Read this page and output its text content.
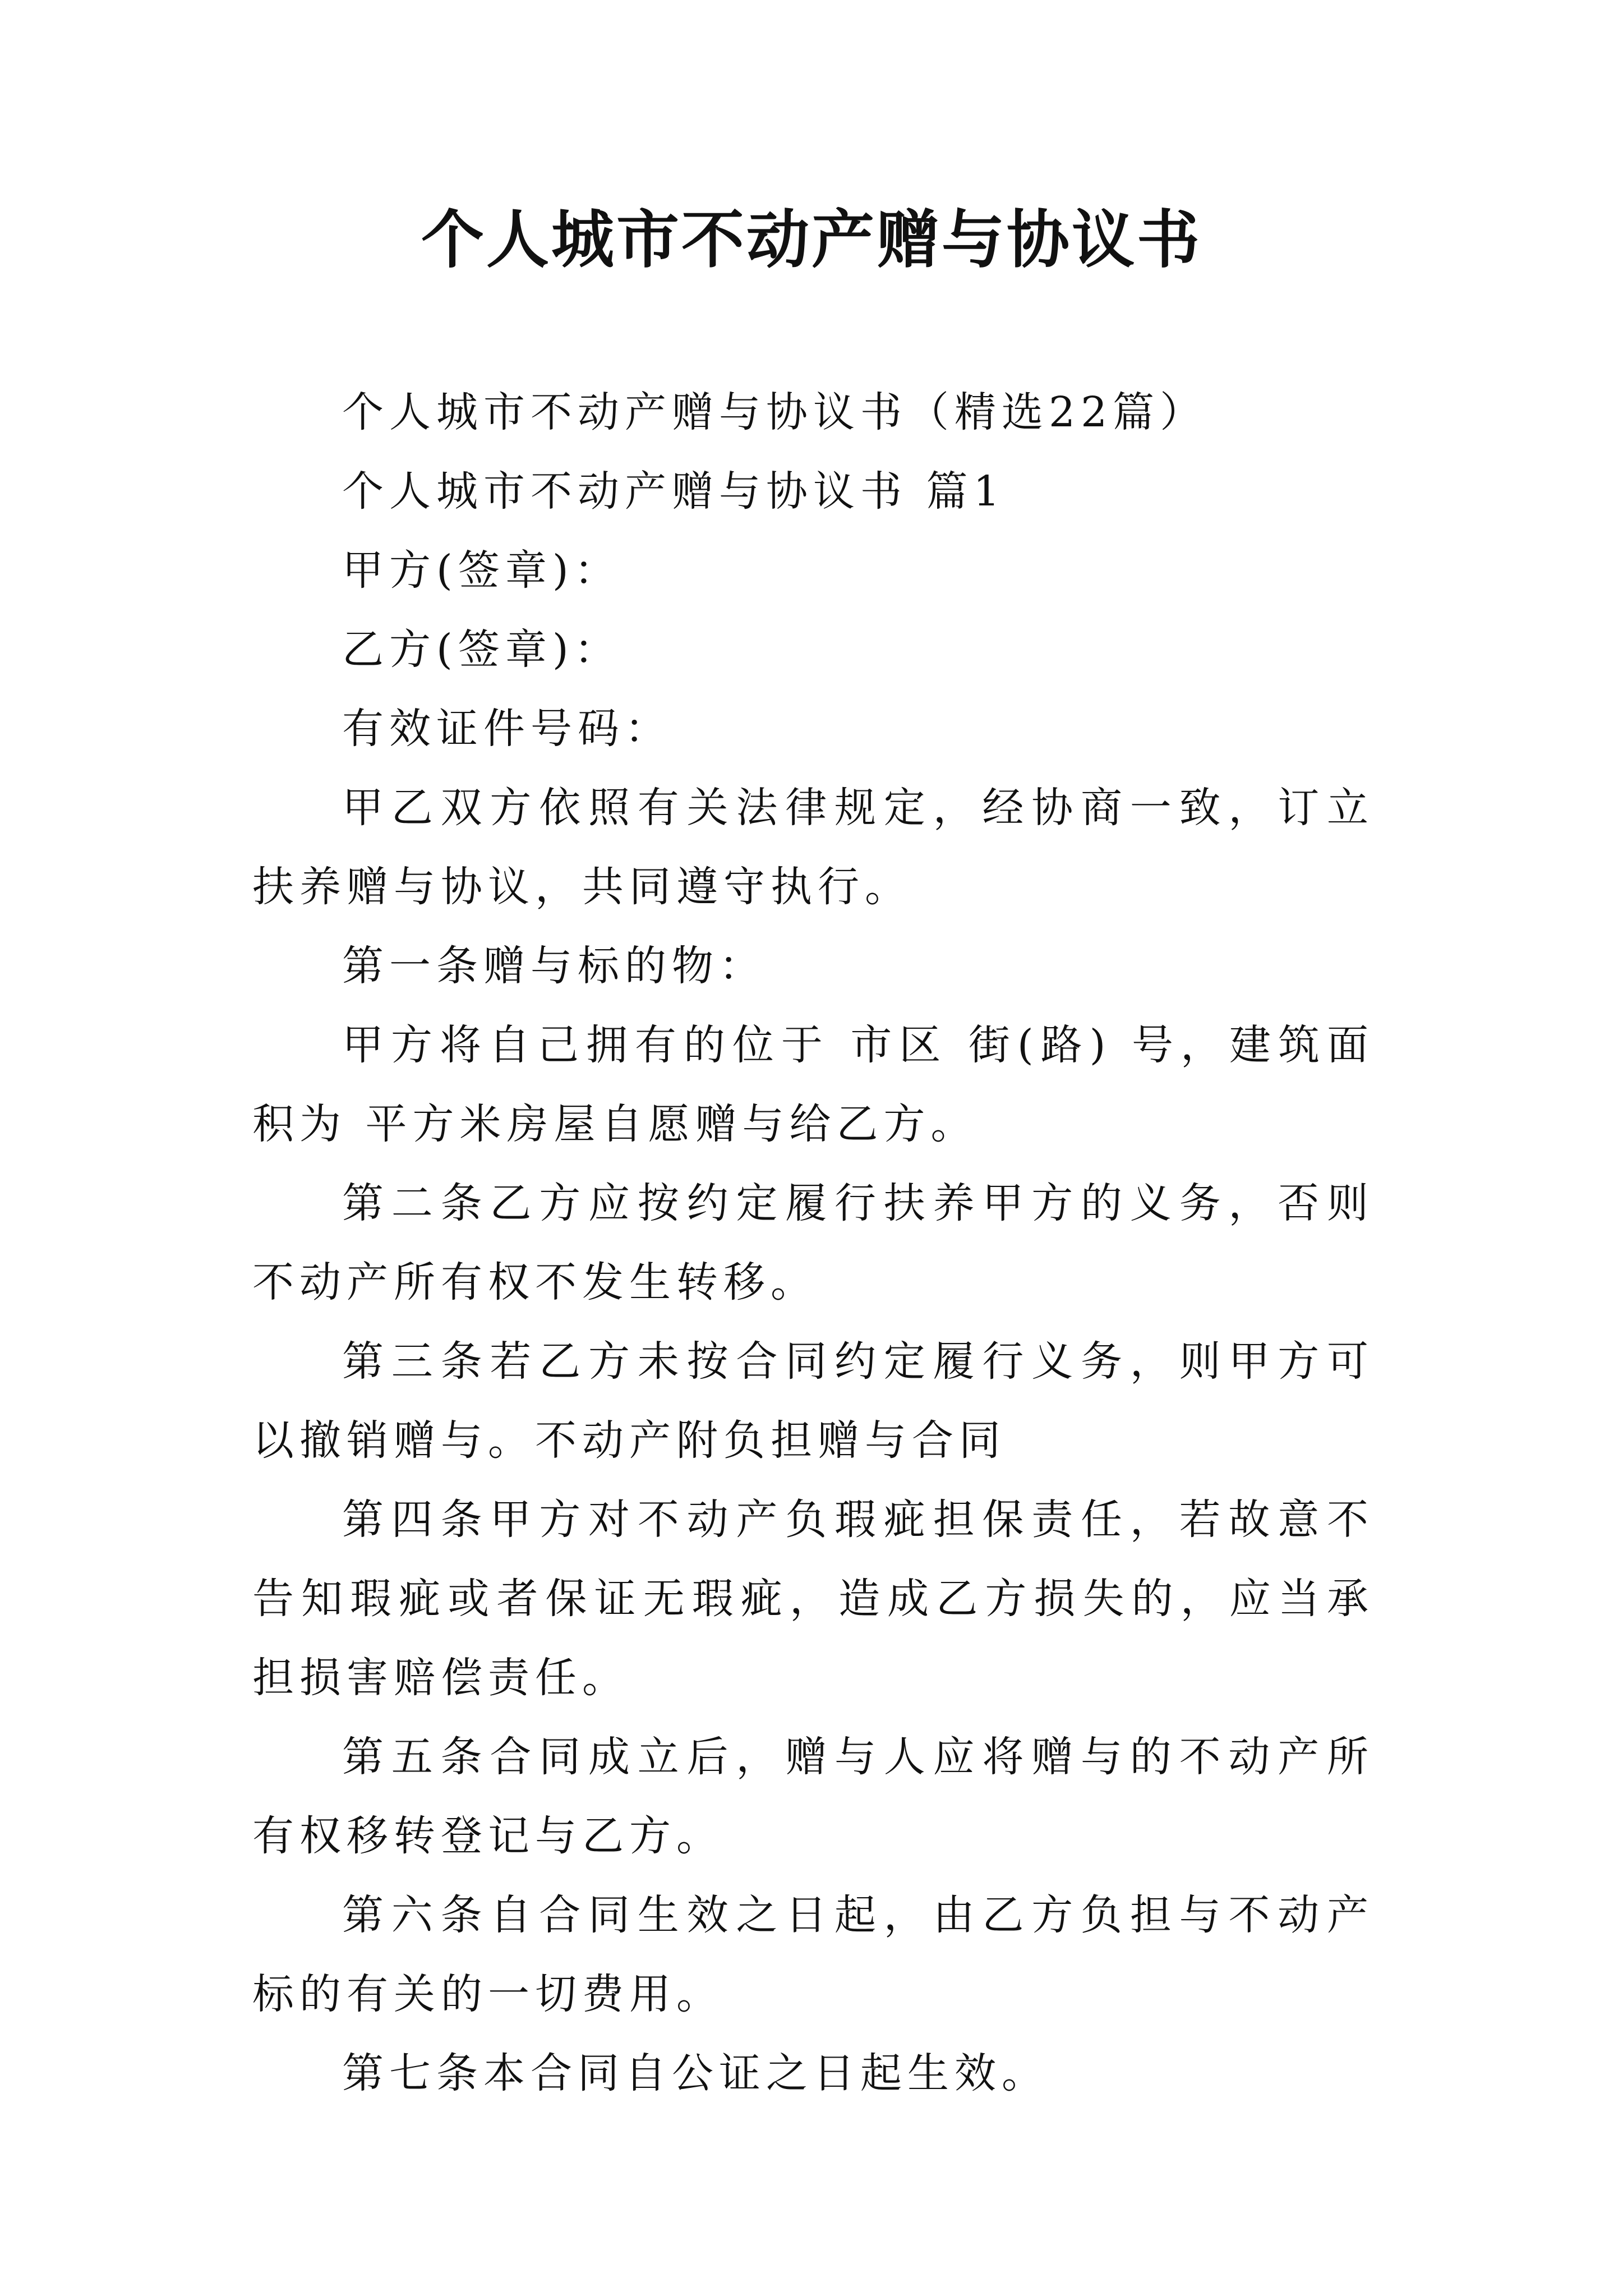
个人城市不动产赠与协议书

个人城市不动产赠与协议书（精选22篇）

个人城市不动产赠与协议书 篇1

甲方(签章)：

乙方(签章)：

有效证件号码：

甲乙双方依照有关法律规定，经协商一致，订立扶养赠与协议，共同遵守执行。

第一条赠与标的物：

甲方将自己拥有的位于 市区 街(路) 号，建筑面积为 平方米房屋自愿赠与给乙方。

第二条乙方应按约定履行扶养甲方的义务，否则不动产所有权不发生转移。

第三条若乙方未按合同约定履行义务，则甲方可以撤销赠与。不动产附负担赠与合同

第四条甲方对不动产负瑕疵担保责任，若故意不告知瑕疵或者保证无瑕疵，造成乙方损失的，应当承担损害赔偿责任。

第五条合同成立后，赠与人应将赠与的不动产所有权移转登记与乙方。

第六条自合同生效之日起，由乙方负担与不动产标的有关的一切费用。

第七条本合同自公证之日起生效。
